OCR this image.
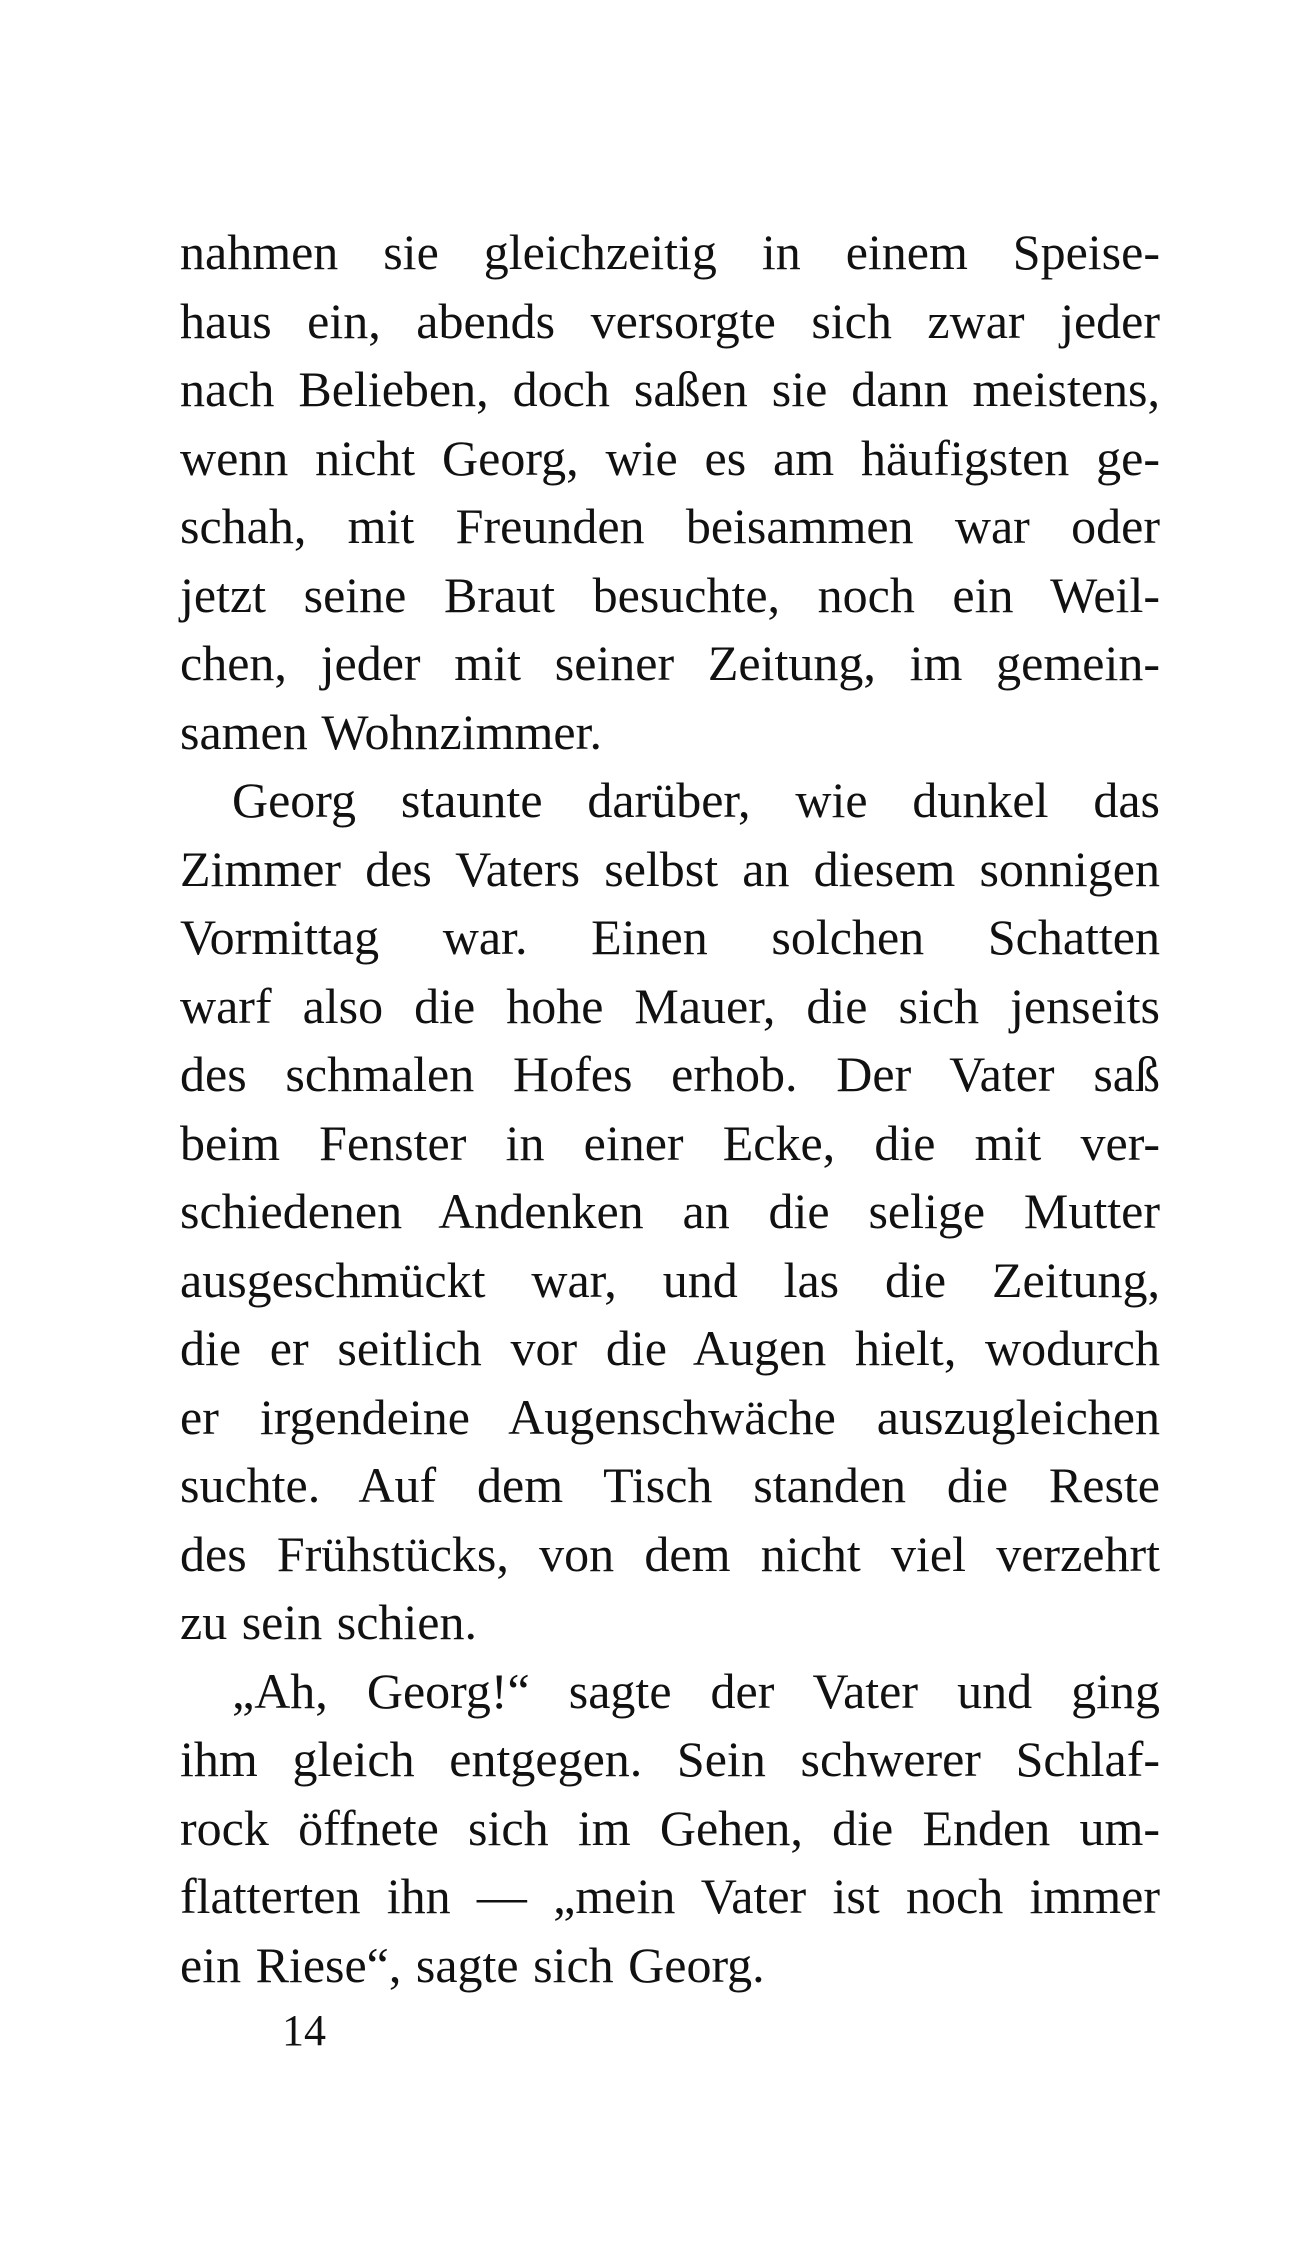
nahmen sie gleichzeitig in einem Speise-
haus ein, abends versorgte sich zwar jeder
nach Belieben, doch saßen sie dann meistens,
wenn nicht Georg, wie es am häufigsten ge-
schah, mit Freunden beisammen war oder
jetzt seine Braut besuchte, noch ein Weil-
chen, jeder mit seiner Zeitung, im gemein-
samen Wohnzimmer.
Georg staunte darüber, wie dunkel das
Zimmer des Vaters selbst an diesem sonnigen
Vormittag war. Einen solchen Schatten
warf also die hohe Mauer, die sich jenseits
des schmalen Hofes erhob. Der Vater saß
beim Fenster in einer Ecke, die mit ver-
schiedenen Andenken an die selige Mutter
ausgeschmückt war, und las die Zeitung,
die er seitlich vor die Augen hielt, wodurch
er irgendeine Augenschwäche auszugleichen
suchte. Auf dem Tisch standen die Reste
des Frühstücks, von dem nicht viel verzehrt
zu sein schien.
„Ah, Georg!“ sagte der Vater und ging
ihm gleich entgegen. Sein schwerer Schlaf-
rock öffnete sich im Gehen, die Enden um-
flatterten ihn — „mein Vater ist noch immer
ein Riese“, sagte sich Georg.
14
